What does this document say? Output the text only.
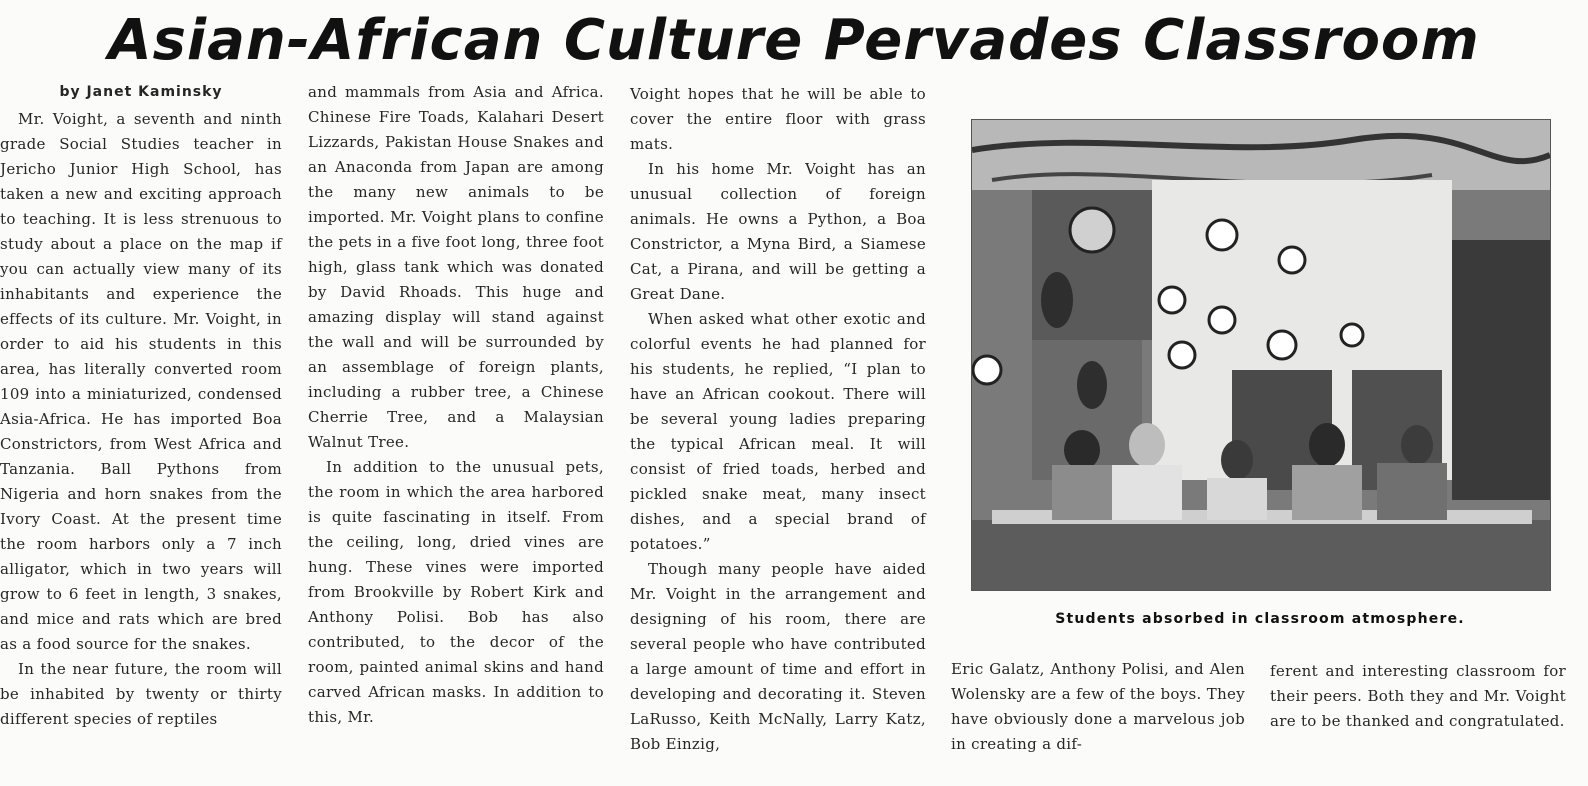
Asian-African Culture Pervades Classroom
by Janet Kaminsky

Mr. Voight, a seventh and ninth grade Social Studies teacher in Jericho Junior High School, has taken a new and exciting approach to teaching. It is less strenuous to study about a place on the map if you can actually view many of its inhabitants and experience the effects of its culture. Mr. Voight, in order to aid his students in this area, has literally converted room 109 into a miniaturized, condensed Asia-Africa. He has imported Boa Constrictors, from West Africa and Tanzania. Ball Pythons from Nigeria and horn snakes from the Ivory Coast. At the present time the room harbors only a 7 inch alligator, which in two years will grow to 6 feet in length, 3 snakes, and mice and rats which are bred as a food source for the snakes.

In the near future, the room will be inhabited by twenty or thirty different species of reptiles

and mammals from Asia and Africa. Chinese Fire Toads, Kalahari Desert Lizzards, Pakistan House Snakes and an Anaconda from Japan are among the many new animals to be imported. Mr. Voight plans to confine the pets in a five foot long, three foot high, glass tank which was donated by David Rhoads. This huge and amazing display will stand against the wall and will be surrounded by an assemblage of foreign plants, including a rubber tree, a Chinese Cherrie Tree, and a Malaysian Walnut Tree.

In addition to the unusual pets, the room in which the area harbored is quite fascinating in itself. From the ceiling, long, dried vines are hung. These vines were imported from Brookville by Robert Kirk and Anthony Polisi. Bob has also contributed, to the decor of the room, painted animal skins and hand carved African masks. In addition to this, Mr.

Voight hopes that he will be able to cover the entire floor with grass mats.

In his home Mr. Voight has an unusual collection of foreign animals. He owns a Python, a Boa Constrictor, a Myna Bird, a Siamese Cat, a Pirana, and will be getting a Great Dane.

When asked what other exotic and colorful events he had planned for his students, he replied, “I plan to have an African cookout. There will be several young ladies preparing the typical African meal. It will consist of fried toads, herbed and pickled snake meat, many insect dishes, and a special brand of potatoes.”

Though many people have aided Mr. Voight in the arrangement and designing of his room, there are several people who have contributed a large amount of time and effort in developing and decorating it. Steven LaRusso, Keith McNally, Larry Katz, Bob Einzig,

Students absorbed in classroom atmosphere.

Eric Galatz, Anthony Polisi, and Alen Wolensky are a few of the boys. They have obviously done a marvelous job in creating a dif-

ferent and interesting classroom for their peers. Both they and Mr. Voight are to be thanked and congratulated.
